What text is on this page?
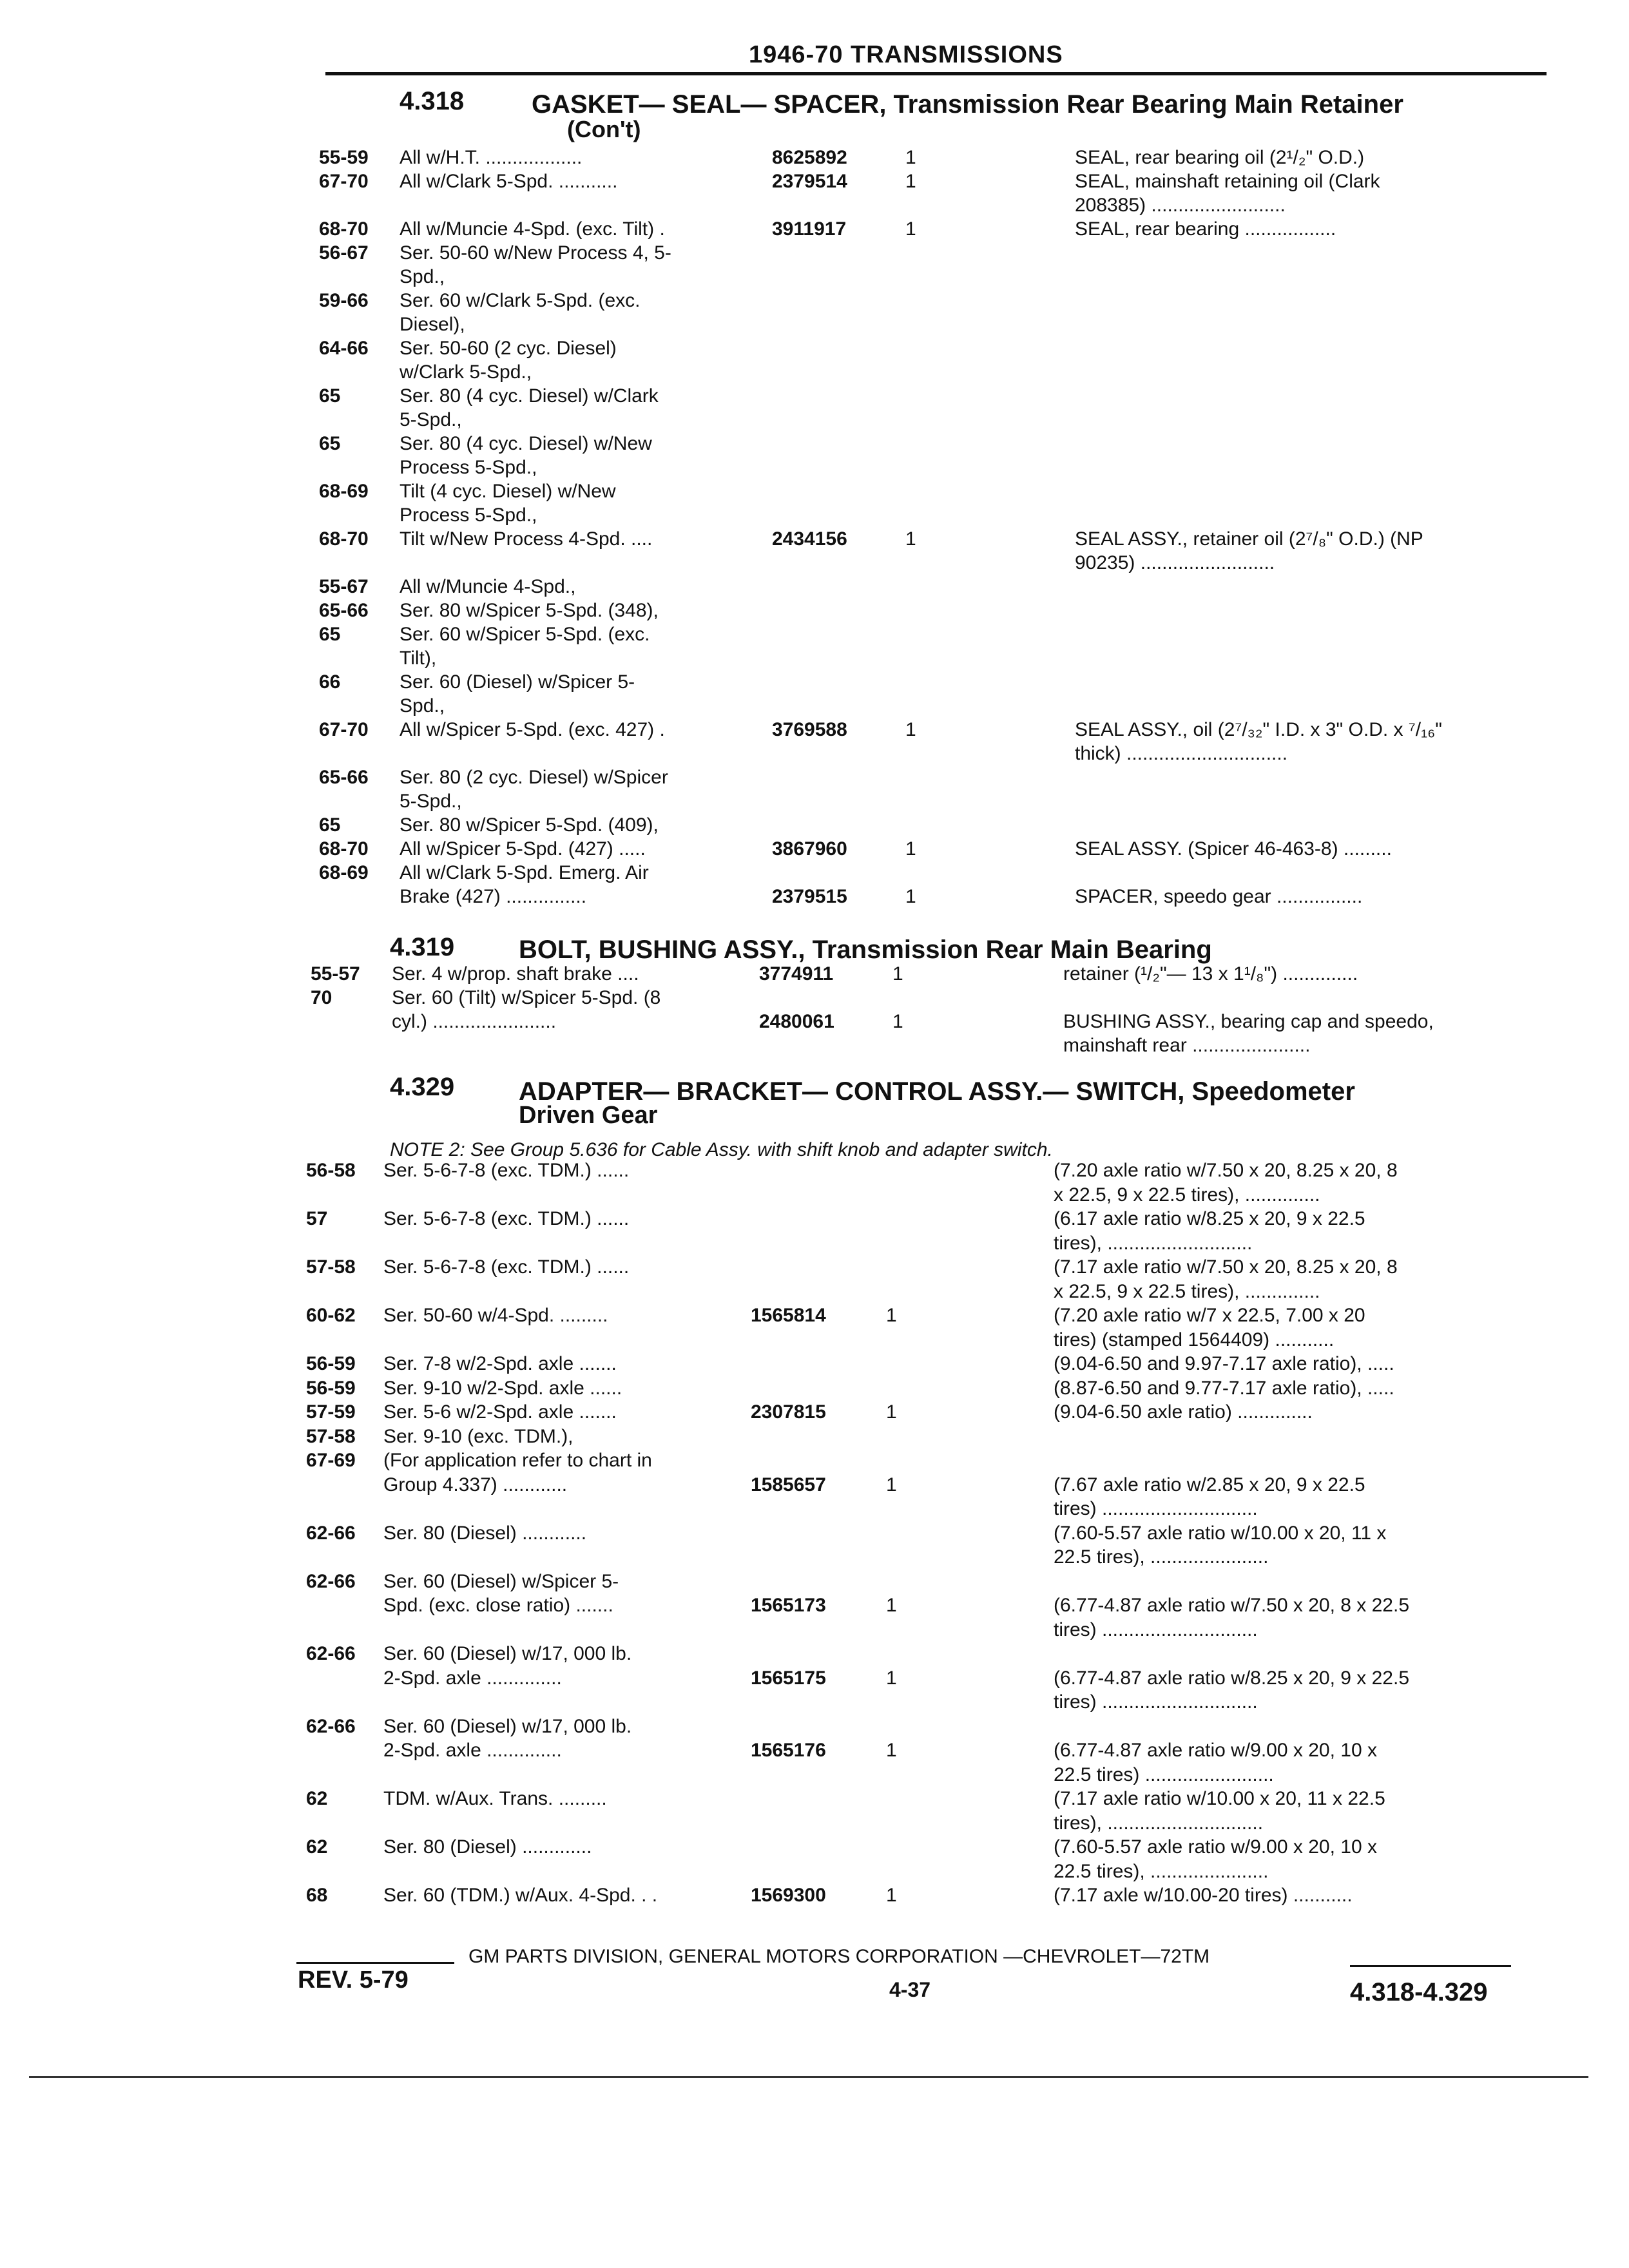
1946-70 TRANSMISSIONS
4.318	GASKET— SEAL— SPACER, Transmission Rear Bearing Main Retainer
(Con't)
55-59 All w/H.T. ..................	8625892	1	SEAL, rear bearing oil (2¹/₂" O.D.)
67-70 All w/Clark 5-Spd. ...........	2379514	1	SEAL, mainshaft retaining oil (Clark
208385) .........................
68-70 All w/Muncie 4-Spd. (exc. Tilt) .	3911917	1	SEAL, rear bearing .................
56-67 Ser. 50-60 w/New Process 4, 5-
Spd.,
59-66 Ser. 60 w/Clark 5-Spd. (exc.
Diesel),
64-66 Ser. 50-60 (2 cyc. Diesel)
w/Clark 5-Spd.,
65	Ser. 80 (4 cyc. Diesel) w/Clark
5-Spd.,
65	Ser. 80 (4 cyc. Diesel) w/New
Process 5-Spd.,
68-69 Tilt (4 cyc. Diesel) w/New
Process 5-Spd.,
68-70 Tilt w/New Process 4-Spd. ....	2434156	1	SEAL ASSY., retainer oil (2⁷/₈" O.D.) (NP
90235) .........................
55-67 All w/Muncie 4-Spd.,
65-66 Ser. 80 w/Spicer 5-Spd. (348),
65	Ser. 60 w/Spicer 5-Spd. (exc.
Tilt),
66	Ser. 60 (Diesel) w/Spicer 5-
Spd.,
67-70 All w/Spicer 5-Spd. (exc. 427) .	3769588	1	SEAL ASSY., oil (2⁷/₃₂" I.D. x 3" O.D. x ⁷/₁₆"
thick) ..............................
65-66 Ser. 80 (2 cyc. Diesel) w/Spicer
5-Spd.,
65	Ser. 80 w/Spicer 5-Spd. (409),
68-70 All w/Spicer 5-Spd. (427) .....	3867960	1	SEAL ASSY. (Spicer 46-463-8) .........
68-69 All w/Clark 5-Spd. Emerg. Air
Brake (427) ...............	2379515	1	SPACER, speedo gear ................
4.319 BOLT, BUSHING ASSY., Transmission Rear Main Bearing
55-57 Ser. 4 w/prop. shaft brake ....	3774911	1	retainer (¹/₂"— 13 x 1¹/₈") ..............
70	Ser. 60 (Tilt) w/Spicer 5-Spd. (8
cyl.) .......................	2480061	1	BUSHING ASSY., bearing cap and speedo,
mainshaft rear ......................
4.329 ADAPTER— BRACKET— CONTROL ASSY.— SWITCH, Speedometer
Driven Gear
NOTE 2: See Group 5.636 for Cable Assy. with shift knob and adapter switch.
56-58 Ser. 5-6-7-8 (exc. TDM.) ......	(7.20 axle ratio w/7.50 x 20, 8.25 x 20, 8
x 22.5, 9 x 22.5 tires), ..............
57	Ser. 5-6-7-8 (exc. TDM.) ......	(6.17 axle ratio w/8.25 x 20, 9 x 22.5
tires), ...........................
57-58 Ser. 5-6-7-8 (exc. TDM.) ......	(7.17 axle ratio w/7.50 x 20, 8.25 x 20, 8
x 22.5, 9 x 22.5 tires), ..............
60-62 Ser. 50-60 w/4-Spd. .........	1565814	1	(7.20 axle ratio w/7 x 22.5, 7.00 x 20
tires) (stamped 1564409) ...........
56-59 Ser. 7-8 w/2-Spd. axle .......	(9.04-6.50 and 9.97-7.17 axle ratio), .....
56-59 Ser. 9-10 w/2-Spd. axle ......	(8.87-6.50 and 9.77-7.17 axle ratio), .....
57-59 Ser. 5-6 w/2-Spd. axle .......	2307815	1	(9.04-6.50 axle ratio) ..............
57-58 Ser. 9-10 (exc. TDM.),
67-69 (For application refer to chart in
Group 4.337) ............	1585657	1	(7.67 axle ratio w/2.85 x 20, 9 x 22.5
tires) .............................
62-66 Ser. 80 (Diesel) ............	(7.60-5.57 axle ratio w/10.00 x 20, 11 x
22.5 tires), ......................
62-66 Ser. 60 (Diesel) w/Spicer 5-
Spd. (exc. close ratio) .......	1565173	1	(6.77-4.87 axle ratio w/7.50 x 20, 8 x 22.5
tires) .............................
62-66 Ser. 60 (Diesel) w/17, 000 lb.
2-Spd. axle ..............	1565175	1	(6.77-4.87 axle ratio w/8.25 x 20, 9 x 22.5
tires) .............................
62-66 Ser. 60 (Diesel) w/17, 000 lb.
2-Spd. axle ..............	1565176	1	(6.77-4.87 axle ratio w/9.00 x 20, 10 x
22.5 tires) ........................
62	TDM. w/Aux. Trans. .........	(7.17 axle ratio w/10.00 x 20, 11 x 22.5
tires), .............................
62	Ser. 80 (Diesel) .............	(7.60-5.57 axle ratio w/9.00 x 20, 10 x
22.5 tires), ......................
68	Ser. 60 (TDM.) w/Aux. 4-Spd. . .	1569300	1	(7.17 axle w/10.00-20 tires) ...........
GM PARTS DIVISION, GENERAL MOTORS CORPORATION —CHEVROLET—72TM
REV. 5-79	4-37	4.318-4.329
